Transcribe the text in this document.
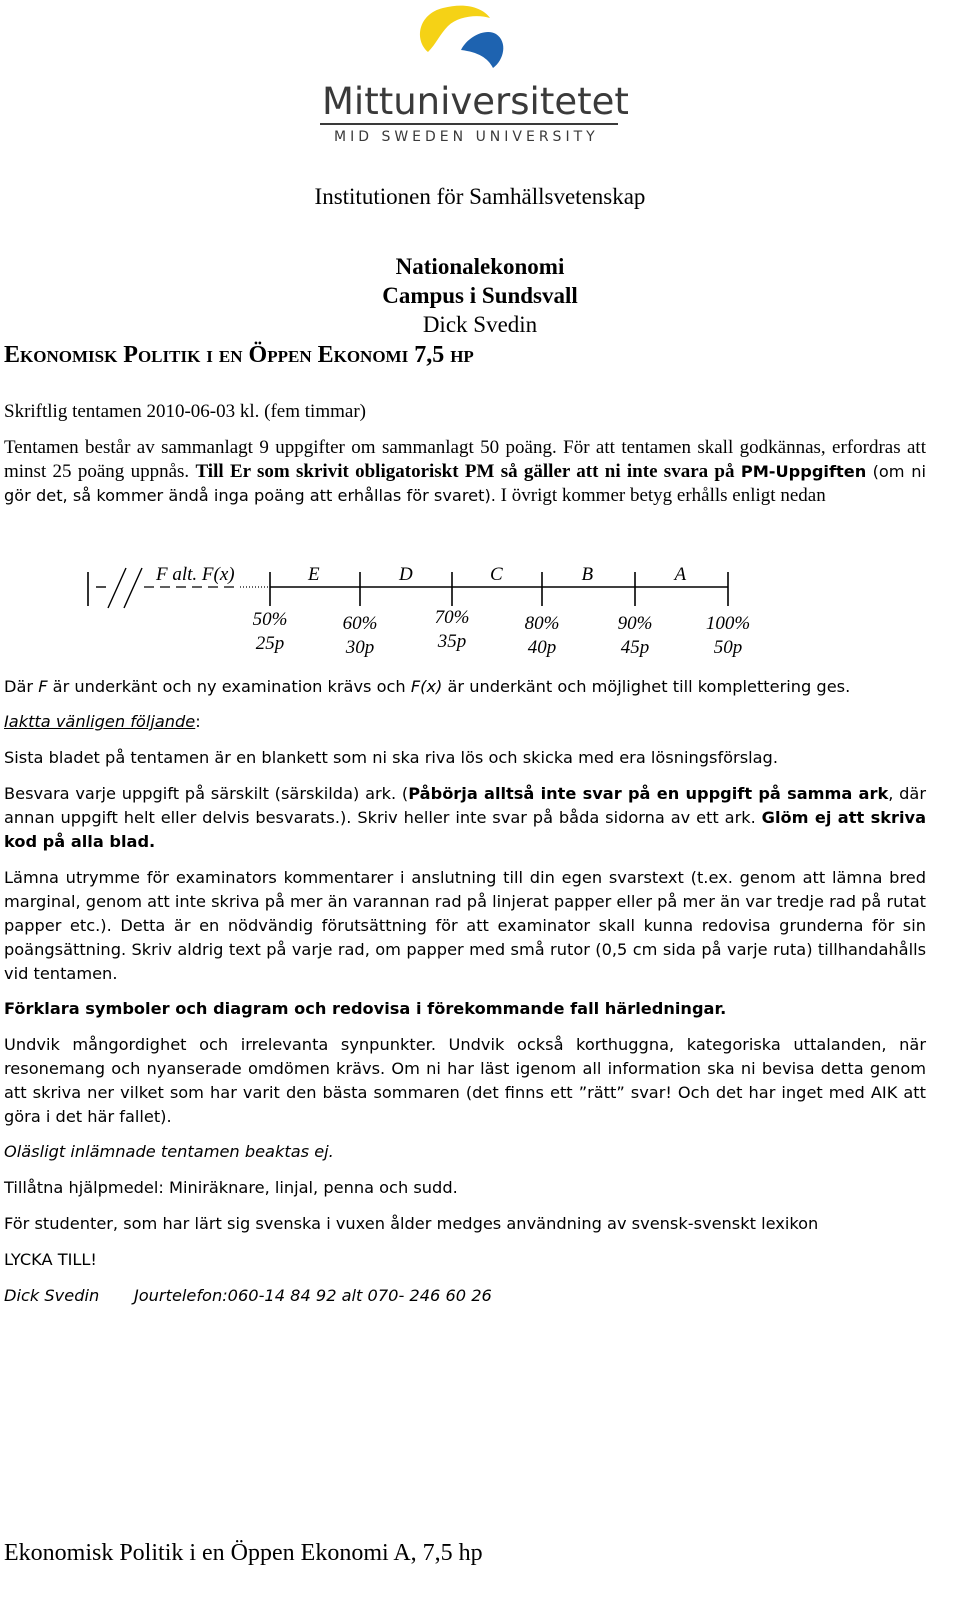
Mittuniversitetet
MID SWEDEN UNIVERSITY
Institutionen för Samhällsvetenskap
Nationalekonomi
Campus i Sundsvall
Dick Svedin
Ekonomisk Politik i en Öppen Ekonomi 7,5 hp
Skriftlig tentamen 2010-06-03 kl. (fem timmar)
Tentamen består av sammanlagt 9 uppgifter om sammanlagt 50 poäng. För att tentamen skall godkännas, erfordras att minst 25 poäng uppnås. Till Er som skrivit obligatoriskt PM så gäller att ni inte svara på PM-Uppgiften (om ni gör det, så kommer ändå inga poäng att erhållas för svaret). I övrigt kommer betyg erhålls enligt nedan
F alt. F(x)	E	D	C	B	A
50%
25p
60%
30p
70%
35p
80%
40p
90%
45p
100%
50p
Där F är underkänt och ny examination krävs och F(x) är underkänt och möjlighet till komplettering ges.
Iaktta vänligen följande:
Sista bladet på tentamen är en blankett som ni ska riva lös och skicka med era lösningsförslag.
Besvara varje uppgift på särskilt (särskilda) ark. (Påbörja alltså inte svar på en uppgift på samma ark, där annan uppgift helt eller delvis besvarats.). Skriv heller inte svar på båda sidorna av ett ark. Glöm ej att skriva kod på alla blad.
Lämna utrymme för examinators kommentarer i anslutning till din egen svarstext (t.ex. genom att lämna bred marginal, genom att inte skriva på mer än varannan rad på linjerat papper eller på mer än var tredje rad på rutat papper etc.). Detta är en nödvändig förutsättning för att examinator skall kunna redovisa grunderna för sin poängsättning. Skriv aldrig text på varje rad, om papper med små rutor (0,5 cm sida på varje ruta) tillhandahålls vid tentamen.
Förklara symboler och diagram och redovisa i förekommande fall härledningar.
Undvik mångordighet och irrelevanta synpunkter. Undvik också korthuggna, kategoriska uttalanden, när resonemang och nyanserade omdömen krävs. Om ni har läst igenom all information ska ni bevisa detta genom att skriva ner vilket som har varit den bästa sommaren (det finns ett ”rätt” svar! Och det har inget med AIK att göra i det här fallet).
Oläsligt inlämnade tentamen beaktas ej.
Tillåtna hjälpmedel: Miniräknare, linjal, penna och sudd.
För studenter, som har lärt sig svenska i vuxen ålder medges användning av svensk-svenskt lexikon
LYCKA TILL!
Dick Svedin Jourtelefon:060-14 84 92 alt 070- 246 60 26
Ekonomisk Politik i en Öppen Ekonomi A, 7,5 hp
